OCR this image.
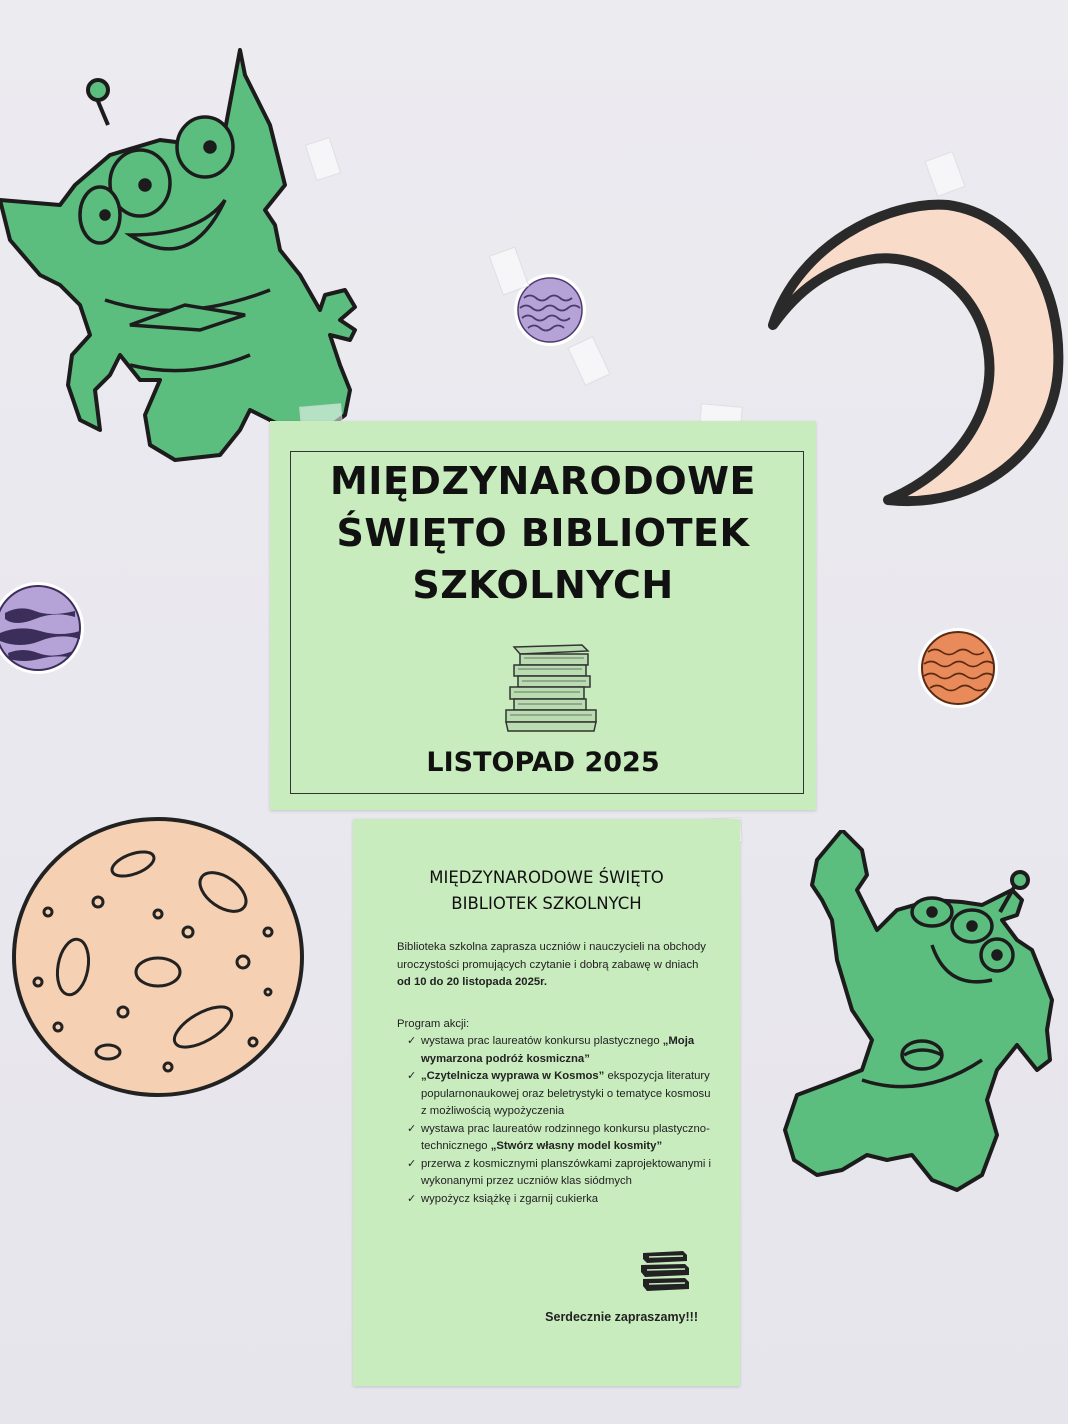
MIĘDZYNARODOWE
ŚWIĘTO BIBLIOTEK
SZKOLNYCH
LISTOPAD 2025
MIĘDZYNARODOWE ŚWIĘTO
BIBLIOTEK SZKOLNYCH
Biblioteka szkolna zaprasza uczniów i nauczycieli na obchody uroczystości promujących czytanie i dobrą zabawę w dniach od 10 do 20 listopada 2025r.
Program akcji:
✓ wystawa prac laureatów konkursu plastycznego „Moja wymarzona podróż kosmiczna”
✓ „Czytelnicza wyprawa w Kosmos” ekspozycja literatury popularnonaukowej oraz beletrystyki o tematyce kosmosu z możliwością wypożyczenia
✓ wystawa prac laureatów rodzinnego konkursu plastyczno-technicznego „Stwórz własny model kosmity”
✓ przerwa z kosmicznymi planszówkami zaprojektowanymi i wykonanymi przez uczniów klas siódmych
✓ wypożycz książkę i zgarnij cukierka
Serdecznie zapraszamy!!!
